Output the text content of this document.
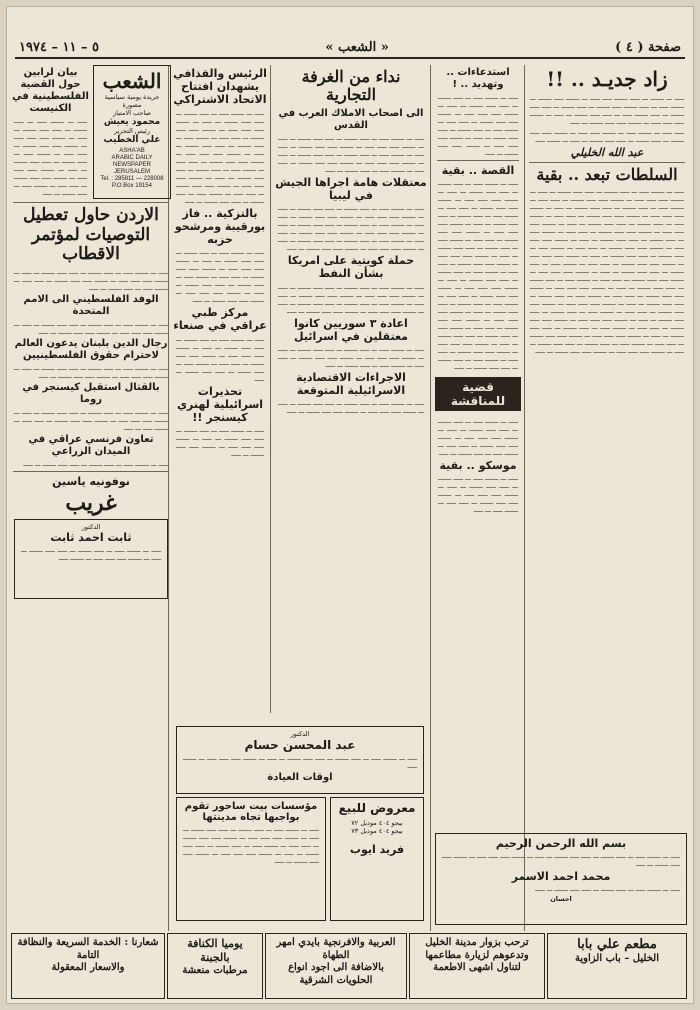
صفحة ( ٤ )
« الشعب »
٥ – ١١ – ١٩٧٤
زاد جديـد .. !!

ـــــ ـــ ـــــــ ـــ ـــــ ـــــــ ـــــ ـــــ ـــ ـــــــ ـــــ ـــــــ ـــ ـــــــ ـــــ ـــ ـــــ ـــــــ ـــــ ـــــــ ـــ ـــــ ـــــــ ـــ ـــــ ـــــ ـــــــ ـــ ـــــ ـــــــ ـــــ ـــ ـــــ ـــــ ـــــــ ـــ ـــــ ـــ ـــــــ ـــــ ـــــ ـــــ ـــ ـــــــ ـــــ ـــــ ـــــــ ـــ ـــــ

ـــــ ـــــ ـــ ـــــــ ـــــ ـــ ـــــــ ـــــ ـــــ ـــ ـــــــ ـــــ ـــــ ـــــــ ـــ ـــــ ـــــــ ـــ ـــــ ـــــ ـــــــ ـــ ـــــ ـــ ـــــــ ـــــ

عبد الله الخليلي
السلطات تبعد .. بقية

ـــــ ـــ ـــــــ ـــــ ـــ ـــــ ـــــــ ـــ ـــــ ـــــ ـــــــ ـــ ـــــ ـــ ـــــــ ـــــ ـــــ ـــــ ـــ ـــــــ ـــــ ـــــ ـــــــ ـــ ـــــ ـــــ ـــ ـــــــ ـــــ ـــ ـــــ ـــــــ ـــ ـــــ ـــــ ـــــــ ـــ ـــــ ـــ ـــــــ ـــــ ـــــ ـــــ ـــ ـــــــ ـــــ ـــــ ـــــــ ـــ ـــــ ـــــ ـــ ـــــــ ـــــ ـــ ـــــ ـــــــ ـــ ـــــ ـــــ ـــــــ ـــ ـــــ ـــ ـــــــ ـــــ ـــــ ـــــ ـــ ـــــــ ـــــ ـــــ ـــــــ ـــ ـــــ ـــــ ـــ ـــــــ ـــــ ـــ ـــــ ـــــــ ـــ ـــــ ـــــ ـــــــ ـــ ـــــ ـــ ـــــــ ـــــ ـــــ ـــــ ـــ ـــــــ ـــــ ـــــ ـــــــ ـــ ـــــ ـــــ ـــ ـــــــ ـــــ ـــ ـــــ ـــــــ ـــ ـــــ ـــــ ـــــــ ـــ ـــــ ـــ ـــــــ ـــــ ـــــ ـــــ ـــ ـــــــ ـــــ ـــــ ـــــــ ـــ ـــــ ـــــ ـــ ـــــــ ـــــ ـــ ـــــ ـــــــ ـــ ـــــ ـــــ ـــــــ ـــ ـــــ ـــ ـــــــ ـــــ ـــــ ـــــ ـــ ـــــــ ـــــ ـــــ ـــــــ ـــ ـــــ ـــــ ـــ ـــــــ ـــــ ـــ ـــــ ـــــــ ـــ ـــــ ـــــ ـــــــ ـــ ـــــ ـــ ـــــــ ـــــ ـــــ ـــــ ـــ ـــــــ ـــــ ـــــ ـــــــ ـــ ـــــ ـــــ ـــ ـــــــ ـــــ ـــ ـــــ ـــــــ ـــ ـــــ ـــــ ـــــــ ـــ ـــــ ـــ ـــــــ ـــــ ـــــ ـــــ ـــ ـــــــ ـــــ ـــــ ـــــــ ـــ ـــــ ـــــ ـــ ـــــــ ـــــ ـــ ـــــ ـــــــ ـــ ـــــ ـــــ ـــــــ ـــ ـــــ ـــ ـــــــ ـــــ ـــــ ـــــ ـــ ـــــــ ـــــ ـــــ ـــــــ ـــ ـــــ ـــــ ـــ ـــــــ ـــــ ـــ ـــــ ـــــــ ـــ ـــــ ـــــ ـــــــ ـــ ـــــ ـــ ـــــــ ـــــ ـــــ ـــــ ـــ ـــــــ ـــــ ـــــ ـــــــ ـــ ـــــ ـــــ ـــ ـــــــ ـــــ ـــ ـــــ ـــــــ ـــ ـــــ ـــــ ـــــــ ـــ ـــــ ـــ ـــــــ ـــــ ـــــ ـــــ ـــ ـــــــ ـــــ ـــــ ـــــــ ـــ ـــــ

استدعاءات .. وتهديد .. !

ـــــ ـــ ـــــــ ـــــ ـــ ـــــ ـــــــ ـــ ـــــ ـــــ ـــــــ ـــ ـــــ ـــ ـــــــ ـــــ ـــــ ـــــ ـــ ـــــــ ـــــ ـــــ ـــــــ ـــ ـــــ ـــــ ـــ ـــــــ ـــــ ـــ ـــــ ـــــــ ـــ ـــــ ـــــ ـــــــ ـــ ـــــ ـــ ـــــــ ـــــ ـــــ ـــــ ـــ ـــــــ ـــــ ـــــ ـــــــ ـــ ـــــ

القصة .. بقية

ـــــ ـــ ـــــــ ـــــ ـــ ـــــ ـــــــ ـــ ـــــ ـــــ ـــــــ ـــ ـــــ ـــ ـــــــ ـــــ ـــــ ـــــ ـــ ـــــــ ـــــ ـــــ ـــــــ ـــ ـــــ ـــــ ـــ ـــــــ ـــــ ـــ ـــــ ـــــــ ـــ ـــــ ـــــ ـــــــ ـــ ـــــ ـــ ـــــــ ـــــ ـــــ ـــــ ـــ ـــــــ ـــــ ـــــ ـــــــ ـــ ـــــ ـــــ ـــ ـــــــ ـــــ ـــ ـــــ ـــــــ ـــ ـــــ ـــــ ـــــــ ـــ ـــــ ـــ ـــــــ ـــــ ـــــ ـــــ ـــ ـــــــ ـــــ ـــــ ـــــــ ـــ ـــــ ـــــ ـــ ـــــــ ـــــ ـــ ـــــ ـــــــ ـــ ـــــ ـــــ ـــــــ ـــ ـــــ ـــ ـــــــ ـــــ ـــــ ـــــ ـــ ـــــــ ـــــ ـــــ ـــــــ ـــ ـــــ ـــــ ـــ ـــــــ ـــــ ـــ ـــــ ـــــــ ـــ ـــــ ـــــ ـــــــ ـــ ـــــ ـــ ـــــــ ـــــ ـــــ ـــــ ـــ ـــــــ ـــــ ـــــ ـــــــ ـــ ـــــ ـــــ ـــ ـــــــ ـــــ ـــ ـــــ ـــــــ ـــ ـــــ ـــــ ـــــــ ـــ ـــــ ـــ ـــــــ ـــــ ـــــ ـــــ ـــ ـــــــ ـــــ ـــــ ـــــــ ـــ ـــــ ـــــ ـــ ـــــــ ـــــ ـــ ـــــ ـــــــ ـــ ـــــ ـــــ ـــــــ ـــ ـــــ

قضية للمناقشة

ـــــ ـــ ـــــــ ـــــ ـــ ـــــ ـــــــ ـــ ـــــ ـــــ ـــــــ ـــ ـــــ ـــ ـــــــ ـــــ ـــــ ـــــ ـــ ـــــــ ـــــ ـــــ ـــــــ ـــ ـــــ ـــــ ـــ ـــــــ ـــــ ـــ ـــــ ـــــــ ـــ ـــــ

موسكو .. بقية

ـــــ ـــ ـــــــ ـــــ ـــ ـــــ ـــــــ ـــ ـــــ ـــــ ـــــــ ـــ ـــــ ـــ ـــــــ ـــــ ـــــ ـــــ ـــ ـــــــ ـــــ ـــــ ـــــــ ـــ ـــــ ـــــ ـــ ـــــــ ـــــ ـــ ـــــ

نداء من الغرفة التجارية
الى اصحاب الاملاك العرب في القدس

ـــــ ـــ ـــــــ ـــــ ـــ ـــــ ـــــــ ـــ ـــــ ـــــ ـــــــ ـــ ـــــ ـــ ـــــــ ـــــ ـــــ ـــــ ـــ ـــــــ ـــــ ـــــ ـــــــ ـــ ـــــ ـــــ ـــ ـــــــ ـــــ ـــ ـــــ ـــــــ ـــ ـــــ ـــــ ـــــــ ـــ ـــــ ـــ ـــــــ ـــــ ـــــ ـــــ ـــ ـــــــ ـــــ ـــــ ـــــــ ـــ ـــــ ـــــ ـــ ـــــــ ـــــ ـــ ـــــ ـــــــ ـــ ـــــ

معتقلات هامة اجراها الجيش في ليبيا

ـــــ ـــ ـــــــ ـــــ ـــ ـــــ ـــــــ ـــ ـــــ ـــــ ـــــــ ـــ ـــــ ـــ ـــــــ ـــــ ـــــ ـــــ ـــ ـــــــ ـــــ ـــــ ـــــــ ـــ ـــــ ـــــ ـــ ـــــــ ـــــ ـــ ـــــ ـــــــ ـــ ـــــ ـــــ ـــــــ ـــ ـــــ ـــ ـــــــ ـــــ ـــــ ـــــ ـــ ـــــــ ـــــ ـــــ ـــــــ ـــ ـــــ ـــــ ـــ ـــــــ ـــــ ـــ ـــــ ـــــــ ـــ ـــــ ـــــ ـــــــ ـــ ـــــ ـــ ـــــــ ـــــ ـــــ ـــــ ـــ ـــــــ ـــــ ـــــ ـــــــ ـــ ـــــ

حملة كويتية على امريكا بشأن النفط

ـــــ ـــ ـــــــ ـــــ ـــ ـــــ ـــــــ ـــ ـــــ ـــــ ـــــــ ـــ ـــــ ـــ ـــــــ ـــــ ـــــ ـــــ ـــ ـــــــ ـــــ ـــــ ـــــــ ـــ ـــــ ـــــ ـــ ـــــــ ـــــ ـــ ـــــ ـــــــ ـــ ـــــ ـــــ ـــــــ ـــ ـــــ ـــ ـــــــ ـــــ ـــــ ـــــ ـــ ـــــــ ـــــ ـــــ ـــــــ ـــ ـــــ

اعادة ٣ سوريين كانوا معتقلين في اسرائيل

ـــــ ـــ ـــــــ ـــــ ـــ ـــــ ـــــــ ـــ ـــــ ـــــ ـــــــ ـــ ـــــ ـــ ـــــــ ـــــ ـــــ ـــــ ـــ ـــــــ ـــــ ـــــ ـــــــ ـــ ـــــ ـــــ ـــ ـــــــ ـــــ ـــ ـــــ ـــــــ ـــ ـــــ

الاجراءات الاقتصادية الاسرائيلية المتوقعة

ـــــ ـــ ـــــــ ـــــ ـــ ـــــ ـــــــ ـــ ـــــ ـــــ ـــــــ ـــ ـــــ ـــ ـــــــ ـــــ ـــــ ـــــ ـــ ـــــــ ـــــ ـــــ ـــــــ ـــ ـــــ

الرئيس والقذافي يشهدان افتتاح الاتحاد الاشتراكي

ـــــ ـــ ـــــــ ـــــ ـــ ـــــ ـــــــ ـــ ـــــ ـــــ ـــــــ ـــ ـــــ ـــ ـــــــ ـــــ ـــــ ـــــ ـــ ـــــــ ـــــ ـــــ ـــــــ ـــ ـــــ ـــــ ـــ ـــــــ ـــــ ـــ ـــــ ـــــــ ـــ ـــــ ـــــ ـــــــ ـــ ـــــ ـــ ـــــــ ـــــ ـــــ ـــــ ـــ ـــــــ ـــــ ـــــ ـــــــ ـــ ـــــ ـــــ ـــ ـــــــ ـــــ ـــ ـــــ ـــــــ ـــ ـــــ ـــــ ـــــــ ـــ ـــــ ـــ ـــــــ ـــــ ـــــ ـــــ ـــ ـــــــ ـــــ ـــــ ـــــــ ـــ ـــــ ـــــ ـــ ـــــــ ـــــ ـــ ـــــ ـــــــ ـــ ـــــ ـــــ ـــــــ ـــ ـــــ

بالتزكية .. فاز بورقيبة ومرشحو حزبه

ـــــ ـــ ـــــــ ـــــ ـــ ـــــ ـــــــ ـــ ـــــ ـــــ ـــــــ ـــ ـــــ ـــ ـــــــ ـــــ ـــــ ـــــ ـــ ـــــــ ـــــ ـــــ ـــــــ ـــ ـــــ ـــــ ـــ ـــــــ ـــــ ـــ ـــــ ـــــــ ـــ ـــــ ـــــ ـــــــ ـــ ـــــ ـــ ـــــــ ـــــ ـــــ ـــــ ـــ ـــــــ ـــــ ـــــ ـــــــ ـــ ـــــ

مركز طبي عراقي في صنعاء

ـــــ ـــ ـــــــ ـــــ ـــ ـــــ ـــــــ ـــ ـــــ ـــــ ـــــــ ـــ ـــــ ـــ ـــــــ ـــــ ـــــ ـــــ ـــ ـــــــ ـــــ ـــــ ـــــــ ـــ ـــــ ـــــ ـــ ـــــــ ـــــ ـــ ـــــ ـــــــ ـــ ـــــ ـــــ ـــــــ ـــ ـــــ

تحذيرات اسرائيلية لهنري كيسنجر !!

ـــــ ـــ ـــــــ ـــــ ـــ ـــــ ـــــــ ـــ ـــــ ـــــ ـــــــ ـــ ـــــ ـــ ـــــــ ـــــ ـــــ ـــــ ـــ ـــــــ ـــــ ـــــ ـــــــ ـــ ـــــ

الدكتور
عبد المحسن حسام

ـــــ ـــ ـــــــ ـــــ ـــ ـــــ ـــــــ ـــ ـــــ ـــــ ـــــــ ـــ ـــــ ـــ ـــــــ ـــــ ـــــ ـــــ ـــ ـــــــ ـــــ

اوقات العيادة
معروض للبيع
بيجو ٤٠٤ موديل ٧٢
بيجو ٤٠٤ موديل ٧٣
فريد ايوب
مؤسسات بيت ساحور تقوم بواجبها تجاه مدينتها

ـــــ ـــ ـــــــ ـــــ ـــ ـــــ ـــــــ ـــ ـــــ ـــــ ـــــــ ـــ ـــــ ـــ ـــــــ ـــــ ـــــ ـــــ ـــ ـــــــ ـــــ ـــــ ـــــــ ـــ ـــــ ـــــ ـــ ـــــــ ـــــ ـــ ـــــ ـــــــ ـــ ـــــ ـــــ ـــــــ ـــ ـــــ ـــ ـــــــ ـــــ ـــــ ـــــ ـــ ـــــــ ـــــ ـــــ ـــــــ ـــ ـــــ

بسم الله الرحمن الرحيم

ـــــ ـــ ـــــــ ـــــ ـــ ـــــ ـــــــ ـــ ـــــ ـــــ ـــــــ ـــ ـــــ ـــ ـــــــ ـــــ ـــــ ـــــ ـــ ـــــــ ـــــ ـــــ ـــــــ ـــ ـــــ

محمد احمد الاسمر

ـــــ ـــ ـــــــ ـــــ ـــ ـــــ ـــــــ ـــ ـــــ ـــــ ـــــــ ـــ ـــــ

احسان
الشعب
جريدة يومية سياسية مصورة
صاحب الامتياز
محمود يعيش
رئيس التحرير
علي الخطيب
ASHA'AB
ARABIC DAILY NEWSPAPER
JERUSALEM
Tel. : 285811 — 228008
P.O.Box 19154
بيان لرابين حول القضية الفلسطينية في الكنيست

ـــــ ـــ ـــــــ ـــــ ـــ ـــــ ـــــــ ـــ ـــــ ـــــ ـــــــ ـــ ـــــ ـــ ـــــــ ـــــ ـــــ ـــــ ـــ ـــــــ ـــــ ـــــ ـــــــ ـــ ـــــ ـــــ ـــ ـــــــ ـــــ ـــ ـــــ ـــــــ ـــ ـــــ ـــــ ـــــــ ـــ ـــــ ـــ ـــــــ ـــــ ـــــ ـــــ ـــ ـــــــ ـــــ ـــــ ـــــــ ـــ ـــــ ـــــ ـــ ـــــــ ـــــ ـــ ـــــ ـــــــ ـــ ـــــ

الاردن حاول تعطيل التوصيات لمؤتمر الاقطاب

ـــــ ـــ ـــــــ ـــــ ـــ ـــــ ـــــــ ـــ ـــــ ـــــ ـــــــ ـــ ـــــ ـــ ـــــــ ـــــ ـــــ ـــــ ـــ ـــــــ ـــــ ـــــ ـــــــ ـــ ـــــ ـــــ ـــ ـــــــ ـــــ ـــ ـــــ ـــــــ ـــ ـــــ

الوفد الفلسطيني الى الامم المتحدة

ـــــ ـــ ـــــــ ـــــ ـــ ـــــ ـــــــ ـــ ـــــ ـــــ ـــــــ ـــ ـــــ ـــ ـــــــ ـــــ ـــــ ـــــ ـــ ـــــــ ـــــ ـــــ ـــــــ ـــ ـــــ

رجال الدين بلبنان يدعون العالم لاحترام حقوق الفلسطينيين

ـــــ ـــ ـــــــ ـــــ ـــ ـــــ ـــــــ ـــ ـــــ ـــــ ـــــــ ـــ ـــــ ـــ ـــــــ ـــــ ـــــ ـــــ ـــ ـــــــ ـــــ ـــــ ـــــــ ـــ ـــــ

بالقتال استقبل كيسنجر في روما

ـــــ ـــ ـــــــ ـــــ ـــ ـــــ ـــــــ ـــ ـــــ ـــــ ـــــــ ـــ ـــــ ـــ ـــــــ ـــــ ـــــ ـــــ ـــ ـــــــ ـــــ ـــــ ـــــــ ـــ ـــــ ـــــ ـــ ـــــــ ـــــ ـــ ـــــ

تعاون فرنسي عراقي في الميدان الزراعي

ـــــ ـــ ـــــــ ـــــ ـــ ـــــ ـــــــ ـــ ـــــ ـــــ ـــــــ ـــ ـــــ

نوفونيه ياسين
غريب
الدكتور
ثابت احمد ثابت

ـــــ ـــ ـــــــ ـــــ ـــ ـــــ ـــــــ ـــ ـــــ ـــــ ـــــــ ـــ ـــــ ـــ ـــــــ ـــــ ـــــ ـــــ ـــ ـــــــ ـــــ

مطعم علي بابا
الخليل – باب الزاوية
ترحب بزوار مدينة الخليل
وتدعوهم لزيارة مطاعمها لتناول اشهى الاطعمة
العربية والافرنجية بايدي امهر الطهاة
بالاضافة الى اجود انواع الحلويات الشرقية
يوميا الكنافة بالجبنة
مرطبات منعشة
شعارنا : الخدمة السريعة والنظافة التامة
والاسعار المعقولة
